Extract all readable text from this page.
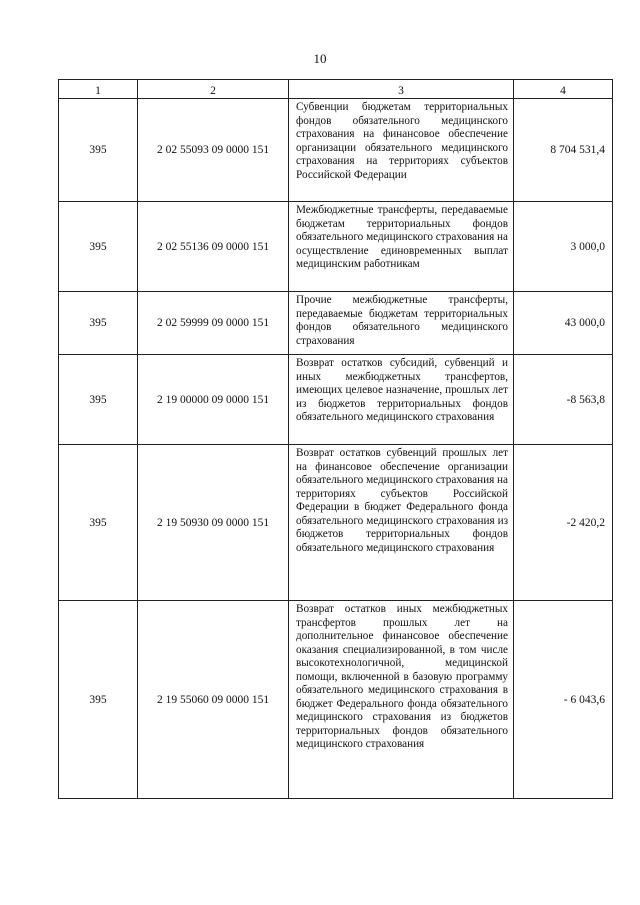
10
1	2	3	4
395	2 02 55093 09 0000 151	Субвенции бюджетам территориальных фондов обязательного медицинского страхования на финансовое обеспечение организации обязательного медицинского страхования на территориях субъектов Российской Федерации	8 704 531,4
395	2 02 55136 09 0000 151	Межбюджетные трансферты, передаваемые бюджетам территориальных фондов обязательного медицинского страхования на осуществление единовременных выплат медицинским работникам	3 000,0
395	2 02 59999 09 0000 151	Прочие межбюджетные трансферты, передаваемые бюджетам территориальных фондов обязательного медицинского страхования	43 000,0
395	2 19 00000 09 0000 151	Возврат остатков субсидий, субвенций и иных межбюджетных трансфертов, имеющих целевое назначение, прошлых лет из бюджетов территориальных фондов обязательного медицинского страхования	-8 563,8
395	2 19 50930 09 0000 151	Возврат остатков субвенций прошлых лет на финансовое обеспечение организации обязательного медицинского страхования на территориях субъектов Российской Федерации в бюджет Федерального фонда обязательного медицинского страхования из бюджетов территориальных фондов обязательного медицинского страхования	-2 420,2
395	2 19 55060 09 0000 151	Возврат остатков иных межбюджетных трансфертов прошлых лет на дополнительное финансовое обеспечение оказания специализированной, в том числе высокотехнологичной, медицинской помощи, включенной в базовую программу обязательного медицинского страхования в бюджет Федерального фонда обязательного медицинского страхования из бюджетов территориальных фондов обязательного медицинского страхования	- 6 043,6
